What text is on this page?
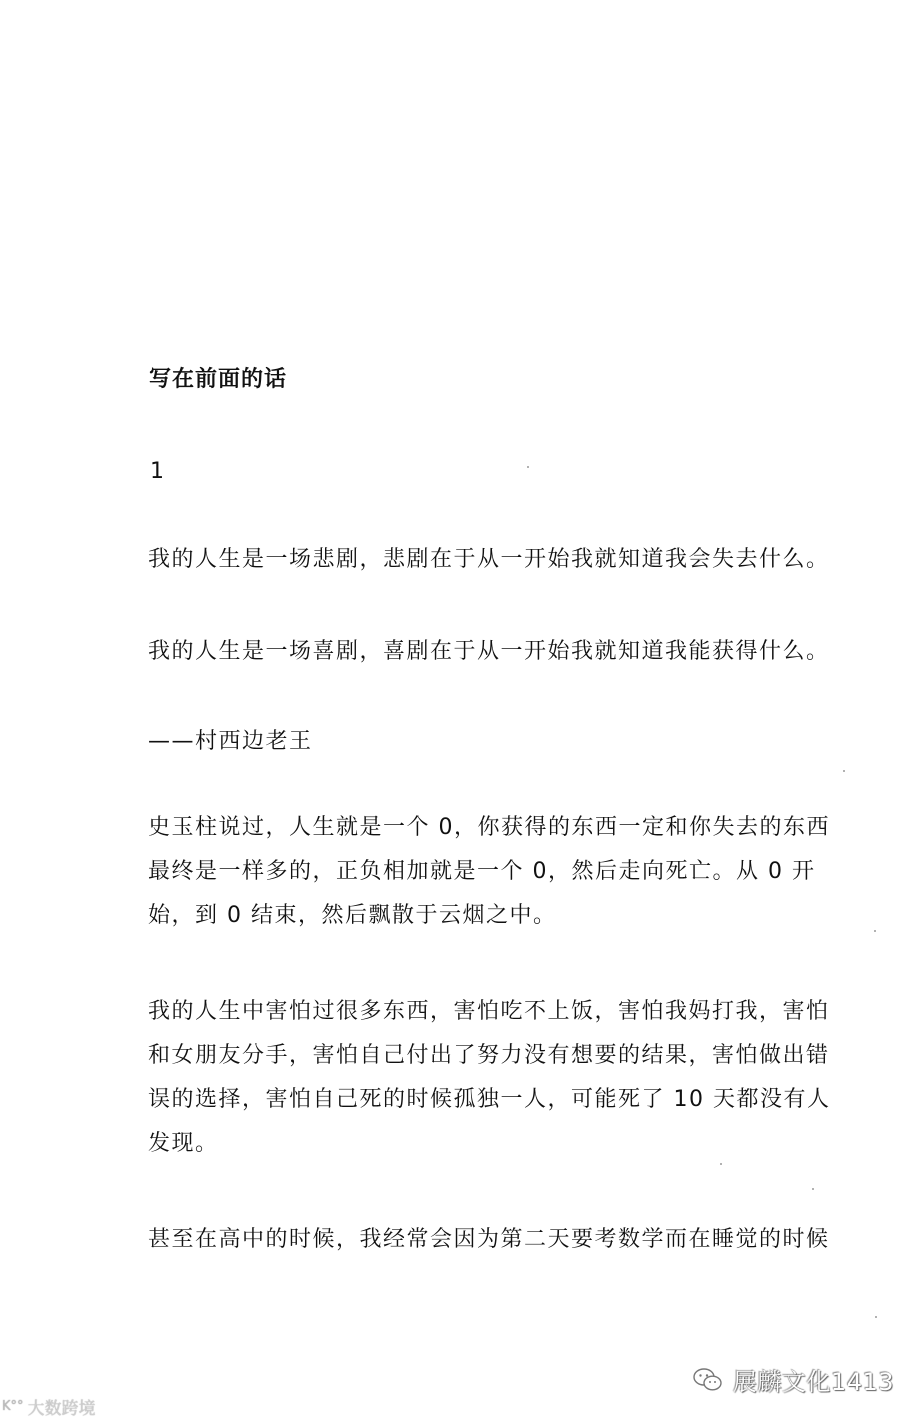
写在前面的话
1

我的人生是一场悲剧，悲剧在于从一开始我就知道我会失去什么。

我的人生是一场喜剧，喜剧在于从一开始我就知道我能获得什么。

——村西边老王

史玉柱说过，人生就是一个 0，你获得的东西一定和你失去的东西最终是一样多的，正负相加就是一个 0，然后走向死亡。从 0 开始，到 0 结束，然后飘散于云烟之中。

我的人生中害怕过很多东西，害怕吃不上饭，害怕我妈打我，害怕和女朋友分手，害怕自己付出了努力没有想要的结果，害怕做出错误的选择，害怕自己死的时候孤独一人，可能死了 10 天都没有人发现。

甚至在高中的时候，我经常会因为第二天要考数学而在睡觉的时候

K°° 大数跨境
展麟文化1413
